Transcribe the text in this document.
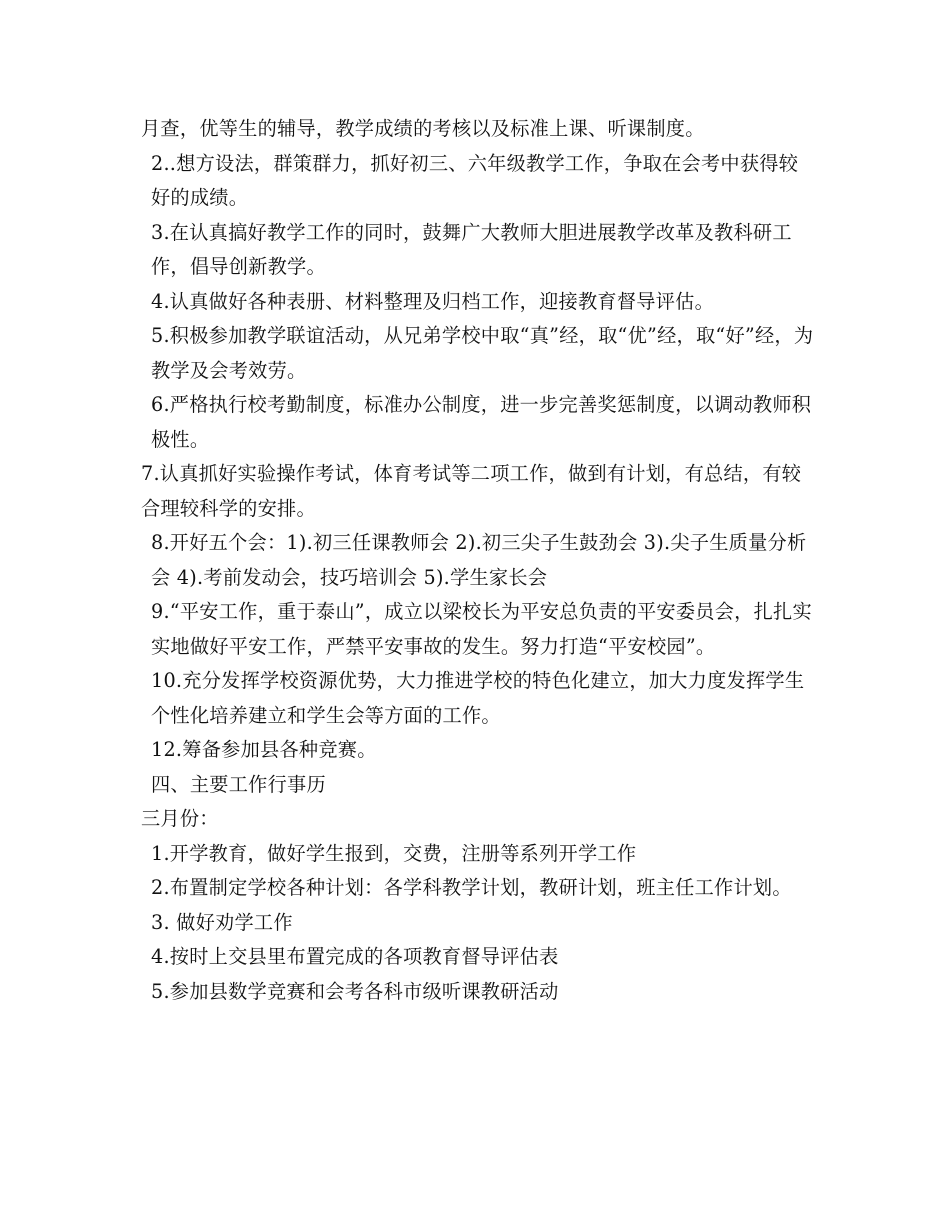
月查，优等生的辅导，教学成绩的考核以及标准上课、听课制度。

2..想方设法，群策群力，抓好初三、六年级教学工作，争取在会考中获得较好的成绩。

3.在认真搞好教学工作的同时，鼓舞广大教师大胆进展教学改革及教科研工作，倡导创新教学。

4.认真做好各种表册、材料整理及归档工作，迎接教育督导评估。

5.积极参加教学联谊活动，从兄弟学校中取“真”经，取“优”经，取“好”经，为教学及会考效劳。

6.严格执行校考勤制度，标准办公制度，进一步完善奖惩制度，以调动教师积极性。

7.认真抓好实验操作考试，体育考试等二项工作，做到有计划，有总结，有较合理较科学的安排。

8.开好五个会：1).初三任课教师会 2).初三尖子生鼓劲会 3).尖子生质量分析会 4).考前发动会，技巧培训会 5).学生家长会

9.“平安工作，重于泰山”，成立以梁校长为平安总负责的平安委员会，扎扎实实地做好平安工作，严禁平安事故的发生。努力打造“平安校园”。

10.充分发挥学校资源优势，大力推进学校的特色化建立，加大力度发挥学生个性化培养建立和学生会等方面的工作。

12.筹备参加县各种竞赛。

四、主要工作行事历

三月份：

1.开学教育，做好学生报到，交费，注册等系列开学工作

2.布置制定学校各种计划：各学科教学计划，教研计划，班主任工作计划。

3. 做好劝学工作

4.按时上交县里布置完成的各项教育督导评估表

5.参加县数学竞赛和会考各科市级听课教研活动
